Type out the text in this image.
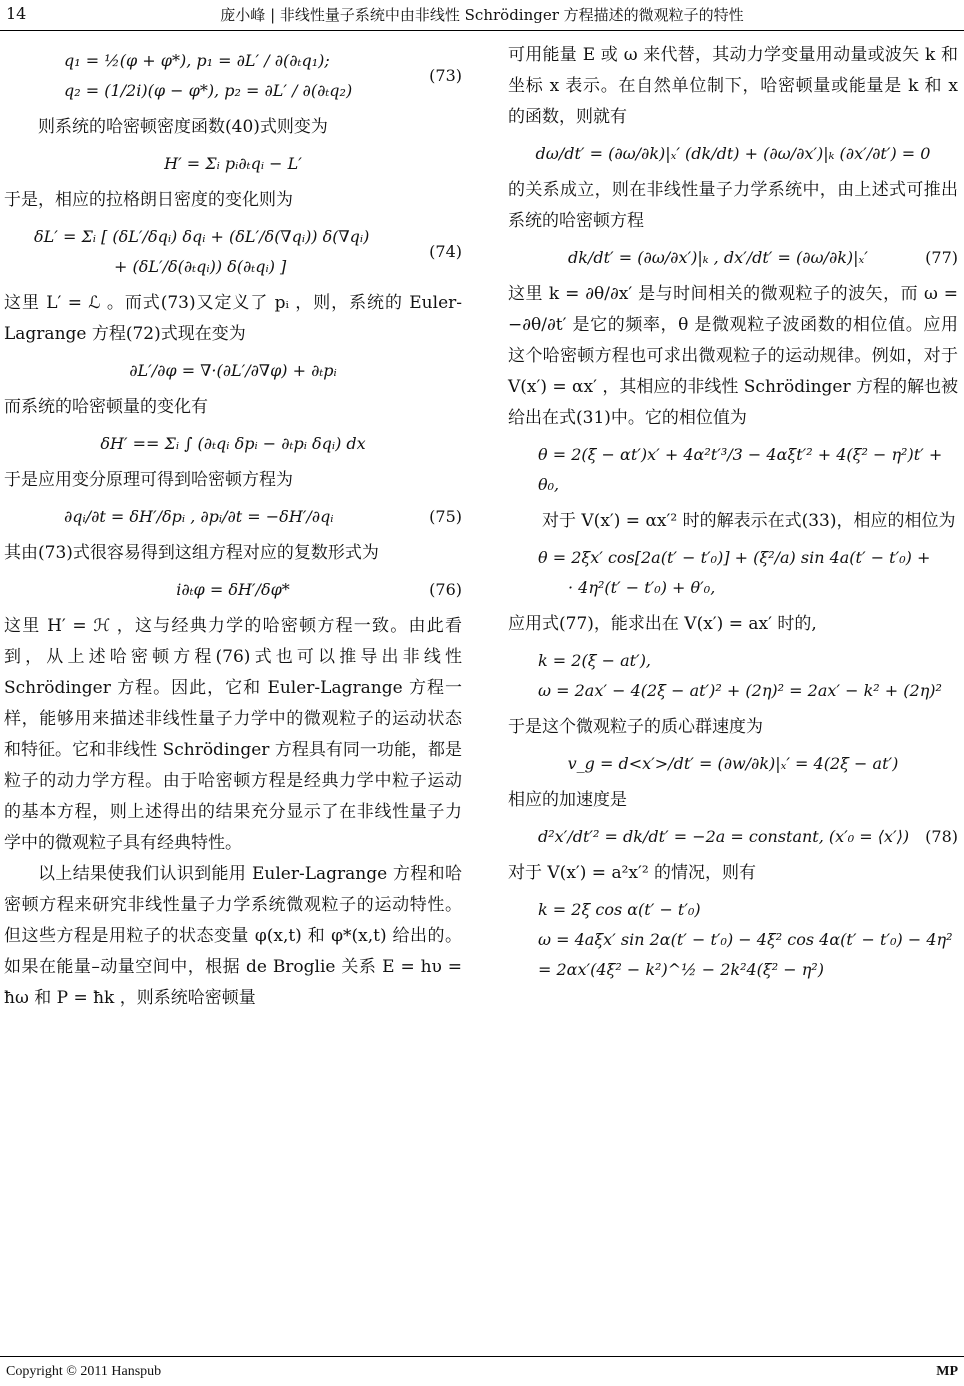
14	庞小峰 | 非线性量子系统中由非线性 Schrödinger 方程描述的微观粒子的特性
q₁ = ½(φ + φ*), p₁ = ∂L′ / ∂(∂ₜq₁);
q₂ = (1/2i)(φ − φ*), p₂ = ∂L′ / ∂(∂ₜq₂)
(73)

则系统的哈密顿密度函数(40)式则变为

H′ = Σᵢ pᵢ∂ₜqᵢ − L′

于是，相应的拉格朗日密度的变化则为

δL′ = Σᵢ [ (δL′/δqᵢ) δqᵢ + (δL′/δ(∇qᵢ)) δ(∇qᵢ)
+ (δL′/δ(∂ₜqᵢ)) δ(∂ₜqᵢ) ]
(74)

这里 L′ = ℒ 。而式(73)又定义了 pᵢ ，则，系统的 Euler-Lagrange 方程(72)式现在变为

∂L′/∂φ = ∇·(∂L′/∂∇φ) + ∂ₜpᵢ

而系统的哈密顿量的变化有

δH′ == Σᵢ ∫ (∂ₜqᵢ δpᵢ − ∂ₜpᵢ δqᵢ) dx

于是应用变分原理可得到哈密顿方程为

∂qᵢ/∂t = δH′/δpᵢ , ∂pᵢ/∂t = −δH′/∂qᵢ	(75)

其由(73)式很容易得到这组方程对应的复数形式为

i∂ₜφ = δH′/δφ*	(76)

这里 H′ = ℋ ，这与经典力学的哈密顿方程一致。由此看到，从上述哈密顿方程(76)式也可以推导出非线性 Schrödinger 方程。因此，它和 Euler-Lagrange 方程一样，能够用来描述非线性量子力学中的微观粒子的运动状态和特征。它和非线性 Schrödinger 方程具有同一功能，都是粒子的动力学方程。由于哈密顿方程是经典力学中粒子运动的基本方程，则上述得出的结果充分显示了在非线性量子力学中的微观粒子具有经典特性。

以上结果使我们认识到能用 Euler-Lagrange 方程和哈密顿方程来研究非线性量子力学系统微观粒子的运动特性。但这些方程是用粒子的状态变量 φ(x,t) 和 φ*(x,t) 给出的。如果在能量–动量空间中，根据 de Broglie 关系 E = hυ = ħω 和 P = ħk ，则系统哈密顿量

可用能量 E 或 ω 来代替，其动力学变量用动量或波矢 k 和坐标 x 表示。在自然单位制下，哈密顿量或能量是 k 和 x 的函数，则就有

dω/dt′ = (∂ω/∂k)|ₓ′ (dk/dt) + (∂ω/∂x′)|ₖ (∂x′/∂t′) = 0

的关系成立，则在非线性量子力学系统中，由上述式可推出系统的哈密顿方程

dk/dt′ = (∂ω/∂x′)|ₖ , dx′/dt′ = (∂ω/∂k)|ₓ′	(77)

这里 k = ∂θ/∂x′ 是与时间相关的微观粒子的波矢，而 ω = −∂θ/∂t′ 是它的频率，θ 是微观粒子波函数的相位值。应用这个哈密顿方程也可求出微观粒子的运动规律。例如，对于 V(x′) = αx′ ，其相应的非线性 Schrödinger 方程的解也被给出在式(31)中。它的相位值为

θ = 2(ξ − αt′)x′ + 4α²t′³/3 − 4αξt′² + 4(ξ² − η²)t′ + θ₀,

对于 V(x′) = αx′² 时的解表示在式(33)，相应的相位为

θ = 2ξx′ cos[2a(t′ − t′₀)] + (ξ²/a) sin 4a(t′ − t′₀) +
· 4η²(t′ − t′₀) + θ′₀,

应用式(77)，能求出在 V(x′) = ax′ 时的,

k = 2(ξ − at′),
ω = 2ax′ − 4(2ξ − at′)² + (2η)² = 2ax′ − k² + (2η)²

于是这个微观粒子的质心群速度为

v_g = d<x′>/dt′ = (∂w/∂k)|ₓ′ = 4(2ξ − at′)

相应的加速度是

d²x′/dt′² = dk/dt′ = −2a = constant, (x′₀ = ⟨x′⟩) (78)

对于 V(x′) = a²x′² 的情况，则有

k = 2ξ cos α(t′ − t′₀)
ω = 4aξx′ sin 2α(t′ − t′₀) − 4ξ² cos 4α(t′ − t′₀) − 4η²
= 2αx′(4ξ² − k²)^½ − 2k²4(ξ² − η²)
Copyright © 2011 Hanspub	MP
